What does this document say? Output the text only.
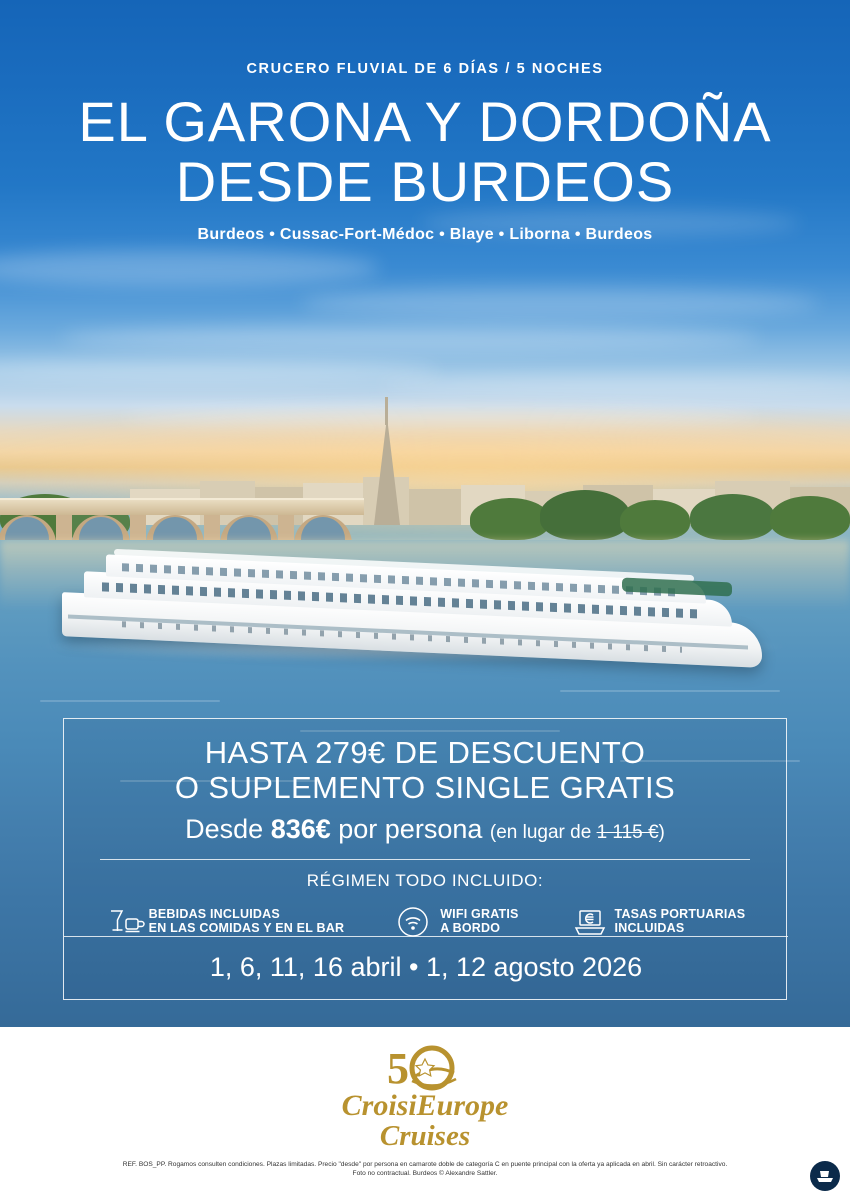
CRUCERO FLUVIAL DE 6 DÍAS / 5 NOCHES
EL GARONA Y DORDOÑA
DESDE BURDEOS
Burdeos • Cussac-Fort-Médoc • Blaye • Liborna • Burdeos
HASTA 279€ DE DESCUENTO
O SUPLEMENTO SINGLE GRATIS
Desde 836€ por persona (en lugar de 1 115 €)
RÉGIMEN TODO INCLUIDO:
BEBIDAS INCLUIDAS
EN LAS COMIDAS Y EN EL BAR
WIFI GRATIS
A BORDO
TASAS PORTUARIAS
INCLUIDAS
1, 6, 11, 16 abril • 1, 12 agosto 2026
5
CroisiEurope
Cruises
REF. BOS_PP. Rogamos consulten condiciones. Plazas limitadas. Precio "desde" por persona en camarote doble de categoría C en puente principal con la oferta ya aplicada en abril. Sin carácter retroactivo.
Foto no contractual. Burdeos © Alexandre Sattler.
